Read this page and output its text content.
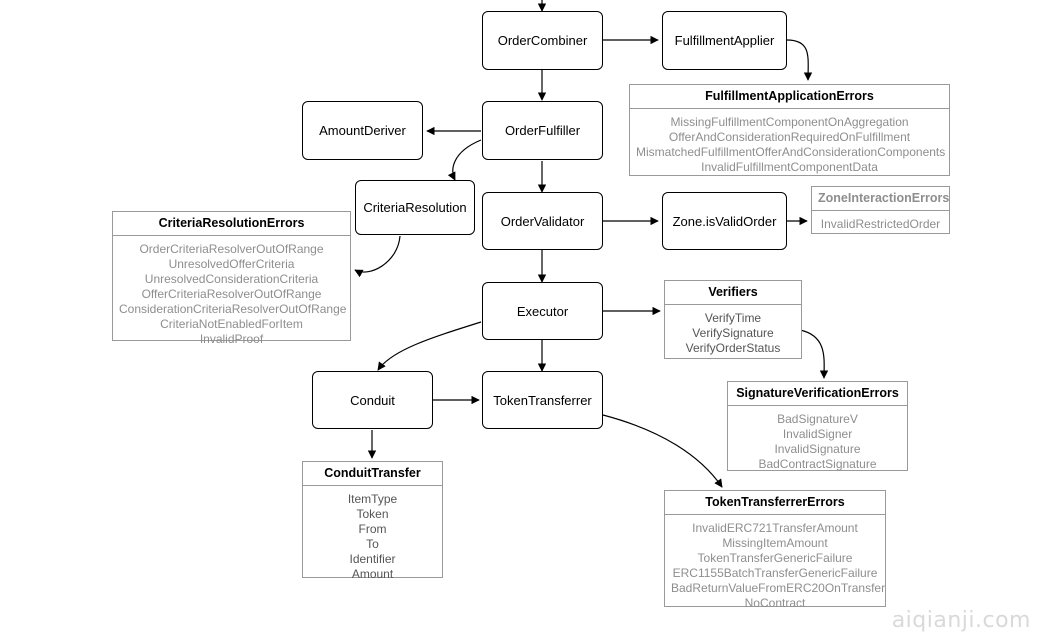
OrderCombiner	FulfillmentApplier
AmountDeriver	OrderFulfiller
CriteriaResolution
OrderValidator	Zone.isValidOrder
Executor
Conduit	TokenTransferrer
FulfillmentApplicationErrors
MissingFulfillmentComponentOnAggregation
OfferAndConsiderationRequiredOnFulfillment
MismatchedFulfillmentOfferAndConsiderationComponents
InvalidFulfillmentComponentData
ZoneInteractionErrors
InvalidRestrictedOrder
CriteriaResolutionErrors
OrderCriteriaResolverOutOfRange
UnresolvedOfferCriteria
UnresolvedConsiderationCriteria
OfferCriteriaResolverOutOfRange
ConsiderationCriteriaResolverOutOfRange
CriteriaNotEnabledForItem
InvalidProof
Verifiers
VerifyTime
VerifySignature
VerifyOrderStatus
SignatureVerificationErrors
BadSignatureV
InvalidSigner
InvalidSignature
BadContractSignature
ConduitTransfer
ItemType
Token
From
To
Identifier
Amount
TokenTransferrerErrors
InvalidERC721TransferAmount
MissingItemAmount
TokenTransferGenericFailure
ERC1155BatchTransferGenericFailure
BadReturnValueFromERC20OnTransfer
NoContract
aiqianji.com
